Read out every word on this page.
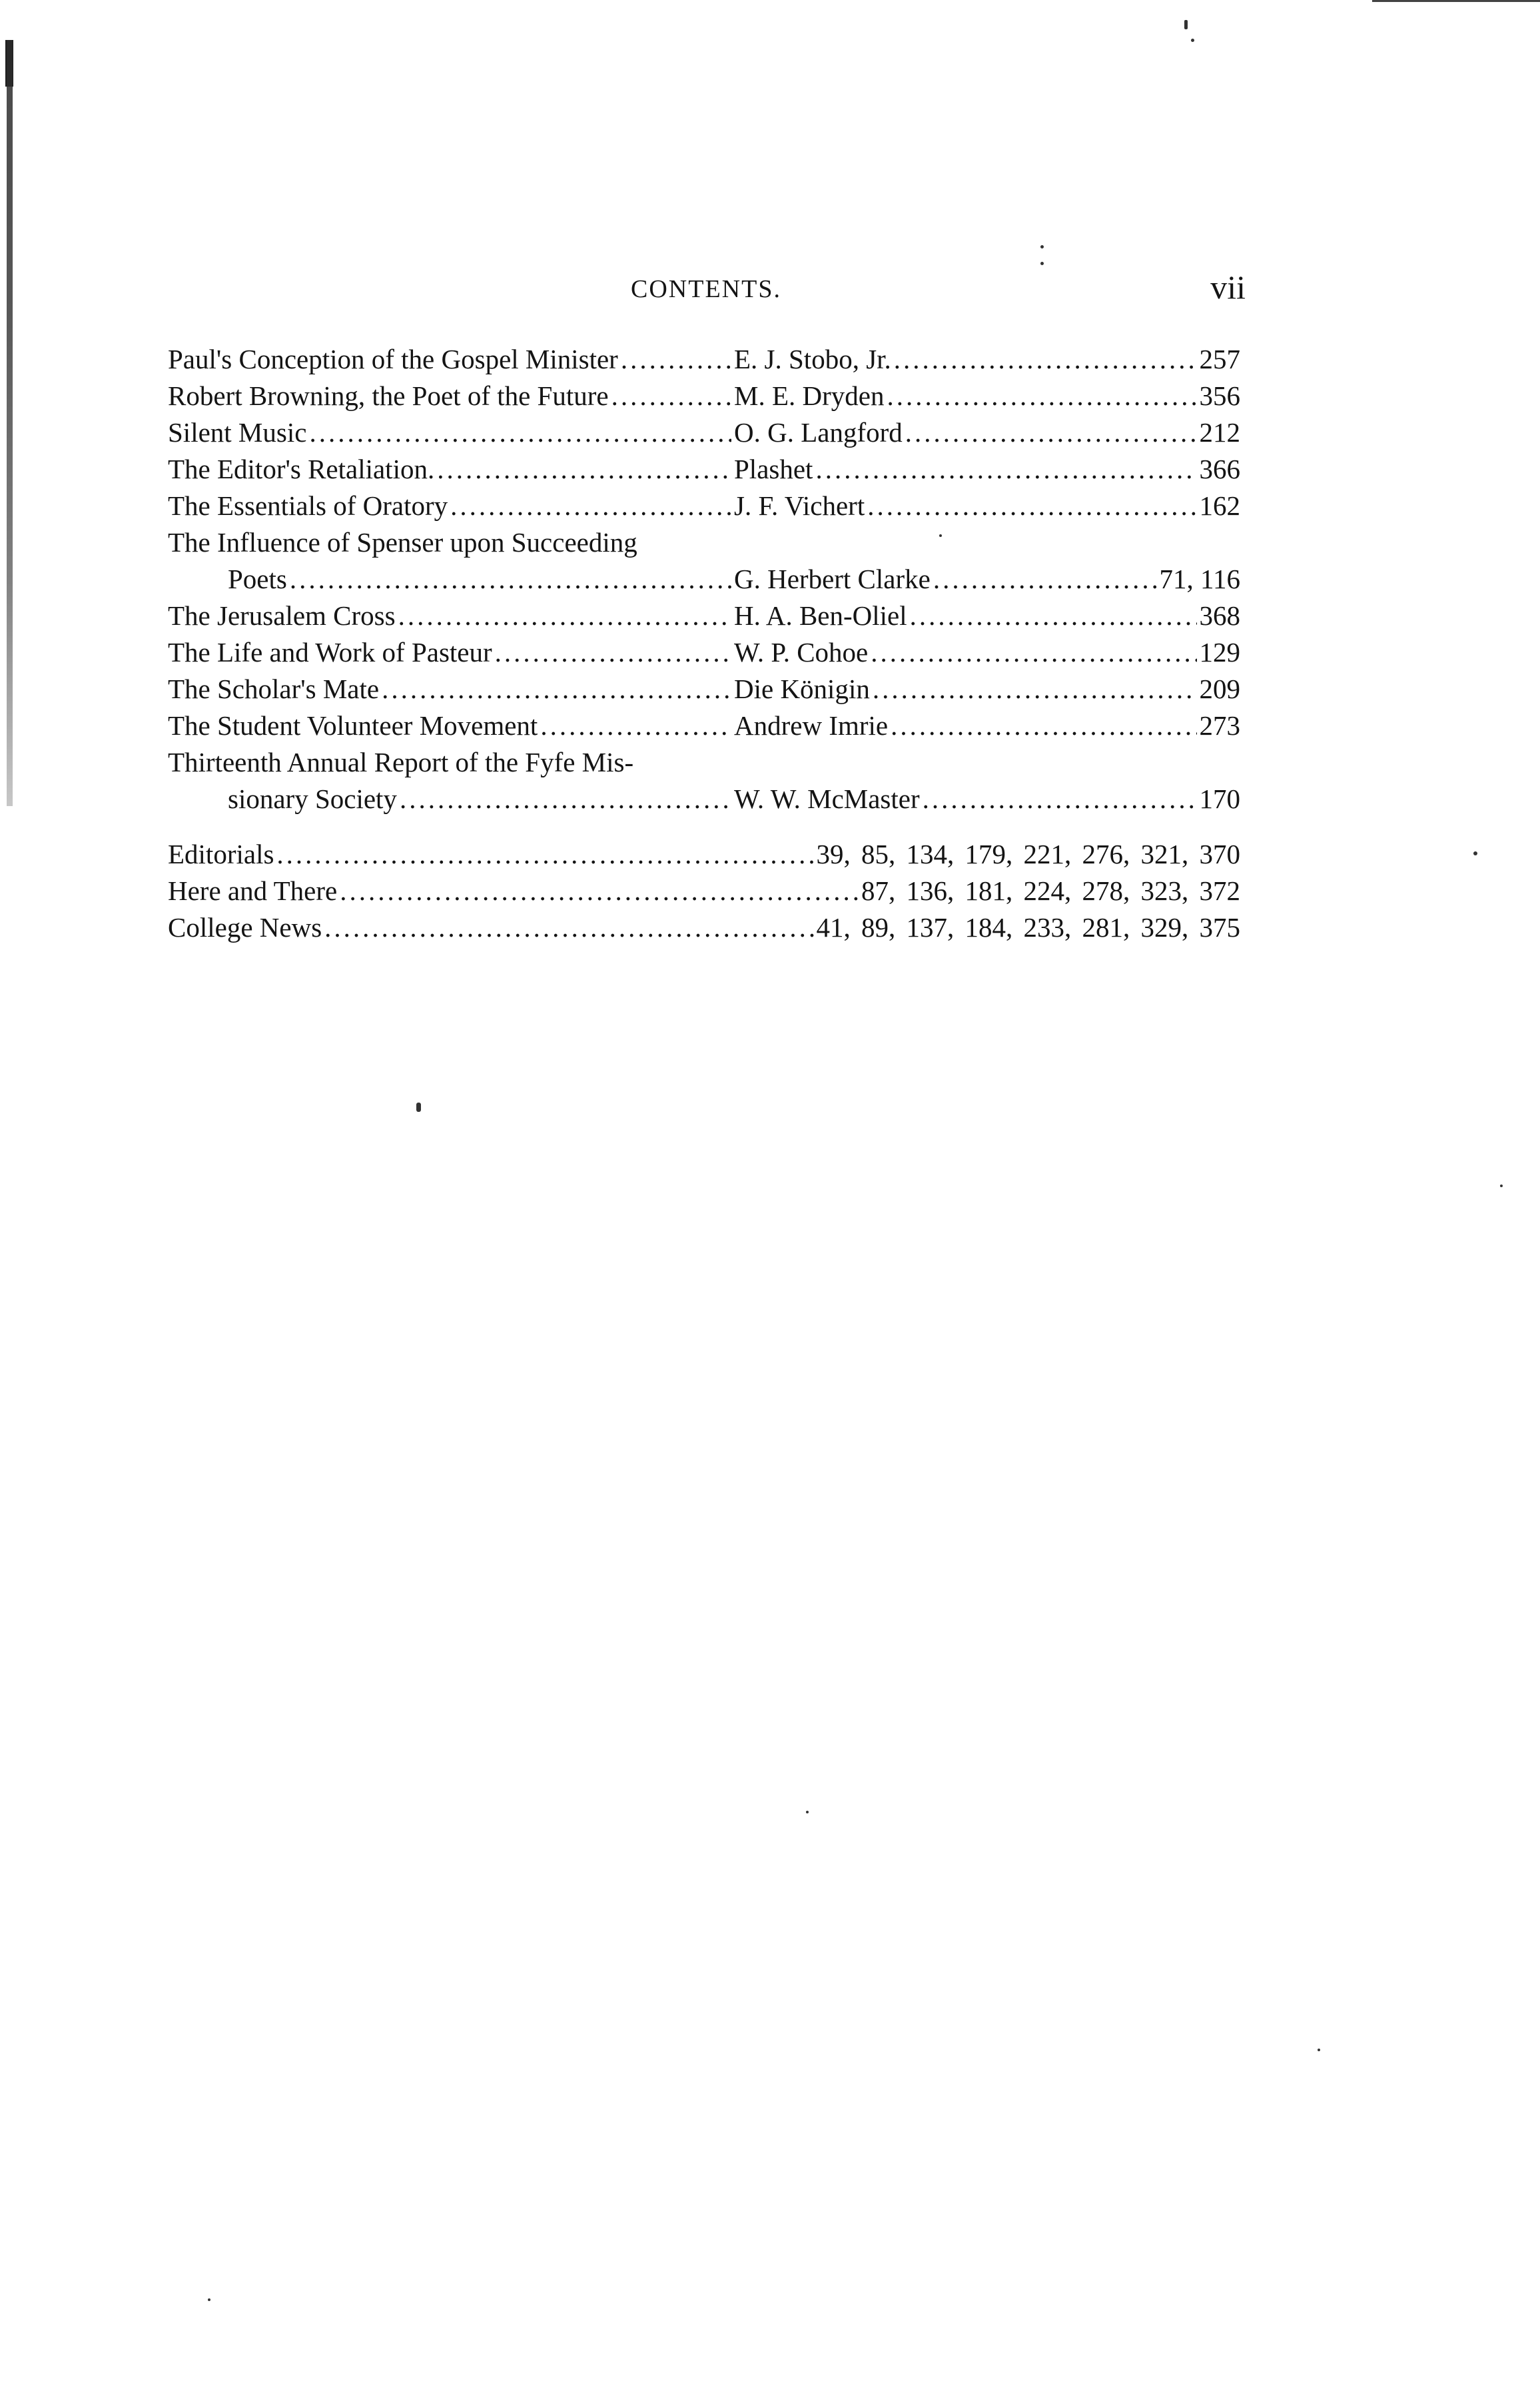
CONTENTS.	vii
Paul's Conception of the Gospel Minister .....	E. J. Stobo, Jr. .....	257
Robert Browning, the Poet of the Future .....	M. E. Dryden .....	356
Silent Music .....	O. G. Langford .....	212
The Editor's Retaliation. .....	Plashet .....	366
The Essentials of Oratory .....	J. F. Vichert .....	162
The Influence of Spenser upon Succeeding
Poets .....	G. Herbert Clarke .....	71, 116
The Jerusalem Cross .....	H. A. Ben-Oliel .....	368
The Life and Work of Pasteur .....	W. P. Cohoe .....	129
The Scholar's Mate .....	Die Königin .....	209
The Student Volunteer Movement .....	Andrew Imrie .....	273
Thirteenth Annual Report of the Fyfe Mis-
sionary Society .....	W. W. McMaster .....	170
Editorials .....	39, 85, 134, 179, 221, 276, 321, 370
Here and There .....	87, 136, 181, 224, 278, 323, 372
College News .....	41, 89, 137, 184, 233, 281, 329, 375
